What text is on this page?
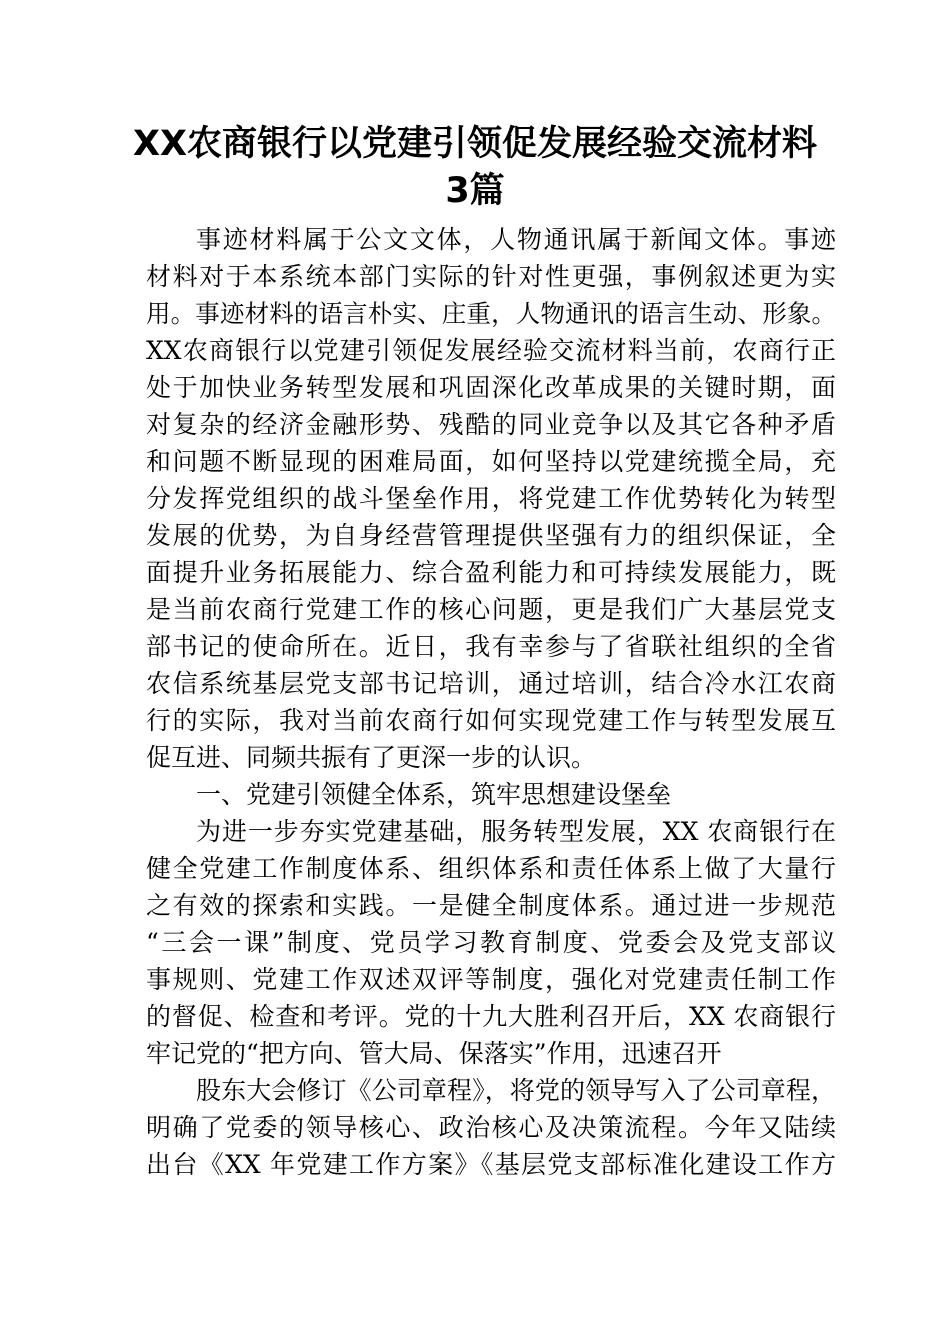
XX农商银行以党建引领促发展经验交流材料
3篇
事迹材料属于公文文体，人物通讯属于新闻文体。事迹
材料对于本系统本部门实际的针对性更强，事例叙述更为实
用。事迹材料的语言朴实、庄重，人物通讯的语言生动、形象。
XX农商银行以党建引领促发展经验交流材料当前，农商行正
处于加快业务转型发展和巩固深化改革成果的关键时期，面
对复杂的经济金融形势、残酷的同业竞争以及其它各种矛盾
和问题不断显现的困难局面，如何坚持以党建统揽全局，充
分发挥党组织的战斗堡垒作用，将党建工作优势转化为转型
发展的优势，为自身经营管理提供坚强有力的组织保证，全
面提升业务拓展能力、综合盈利能力和可持续发展能力，既
是当前农商行党建工作的核心问题，更是我们广大基层党支
部书记的使命所在。近日，我有幸参与了省联社组织的全省
农信系统基层党支部书记培训，通过培训，结合冷水江农商
行的实际，我对当前农商行如何实现党建工作与转型发展互
促互进、同频共振有了更深一步的认识。
一、党建引领健全体系，筑牢思想建设堡垒
为进一步夯实党建基础，服务转型发展，XX 农商银行在
健全党建工作制度体系、组织体系和责任体系上做了大量行
之有效的探索和实践。一是健全制度体系。通过进一步规范
“三会一课”制度、党员学习教育制度、党委会及党支部议
事规则、党建工作双述双评等制度，强化对党建责任制工作
的督促、检查和考评。党的十九大胜利召开后，XX 农商银行
牢记党的“把方向、管大局、保落实”作用，迅速召开
股东大会修订《公司章程》，将党的领导写入了公司章程，
明确了党委的领导核心、政治核心及决策流程。今年又陆续
出台《XX 年党建工作方案》《基层党支部标准化建设工作方
